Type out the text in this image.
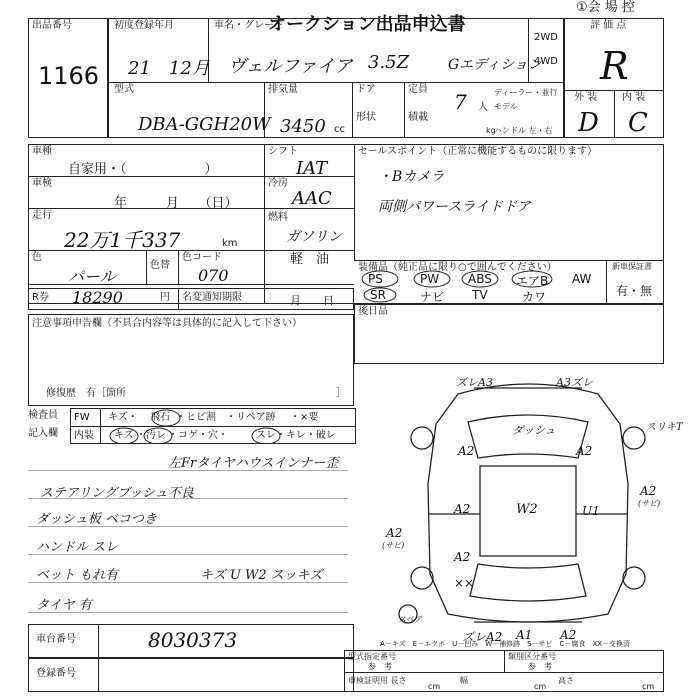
オークション出品申込書
①会 場 控
出品番号
1166
初度登録年月
21　12月
車名・グレード
ヴェルファイア 3.5Z	Gエディション
2WD
4WD
型式
DBA-GGH20W
排気量
3450 cc
ドア
形状
定員
7 人
積載
kg
ディーラー・並行
モデル
ハンドル 左・右
評 価 点
R
外 装 内 装
D C
車種
自家用・（　　　　　　）
シフト
IAT
セールスポイント（正常に機能するものに限ります）
・Bカメラ
両側パワースライドドア
車検
年　　　月　　（日）
冷房
AAC
走行
22万1千337	km
燃料
ガソリン
軽　油
色
パール
色替
色コード
070	装備品（純正品に限り○で囲んでください）	新車保証書
有・無
PS	PW ABS エアB AW
SR	ナビ TV	カワ
R券 18290	円 名変通知期限	月　　日
後日品
注意事項申告欄（不具合内容等は具体的に記入して下さい）
修復歴　有［箇所	］
検査員
記入欄
FW キズ・ 飛石 ・ヒビ割 ・リペア跡 ・×要
内装 キズ ・ 汚レ ・コゲ・穴・	スレ ・キレ・破レ
左Frタイヤハウスインナー歪
ステアリングブッシュ不良
ダッシュ板 ベコつき
ハンドル スレ
ベット もれ有
タイヤ 有
キズ U W2 スッキズ
ズレA3	A3ズレ
ダッシュ
A2	A2
W2	U1
A2
A2
A2
(サビ)
A2
(サビ)
××
スペア
ズレA2 A1 A2
スリキT
A－キズ　E－エクボ　U－凹み　W－補修跡　S－サビ　C－腐食　XX－交換済
車台番号	8030373
登録番号
型式指定番号
参　考
類別区分番号
参　考
車検証明用 長さ
cm
幅
cm
高さ
cm
